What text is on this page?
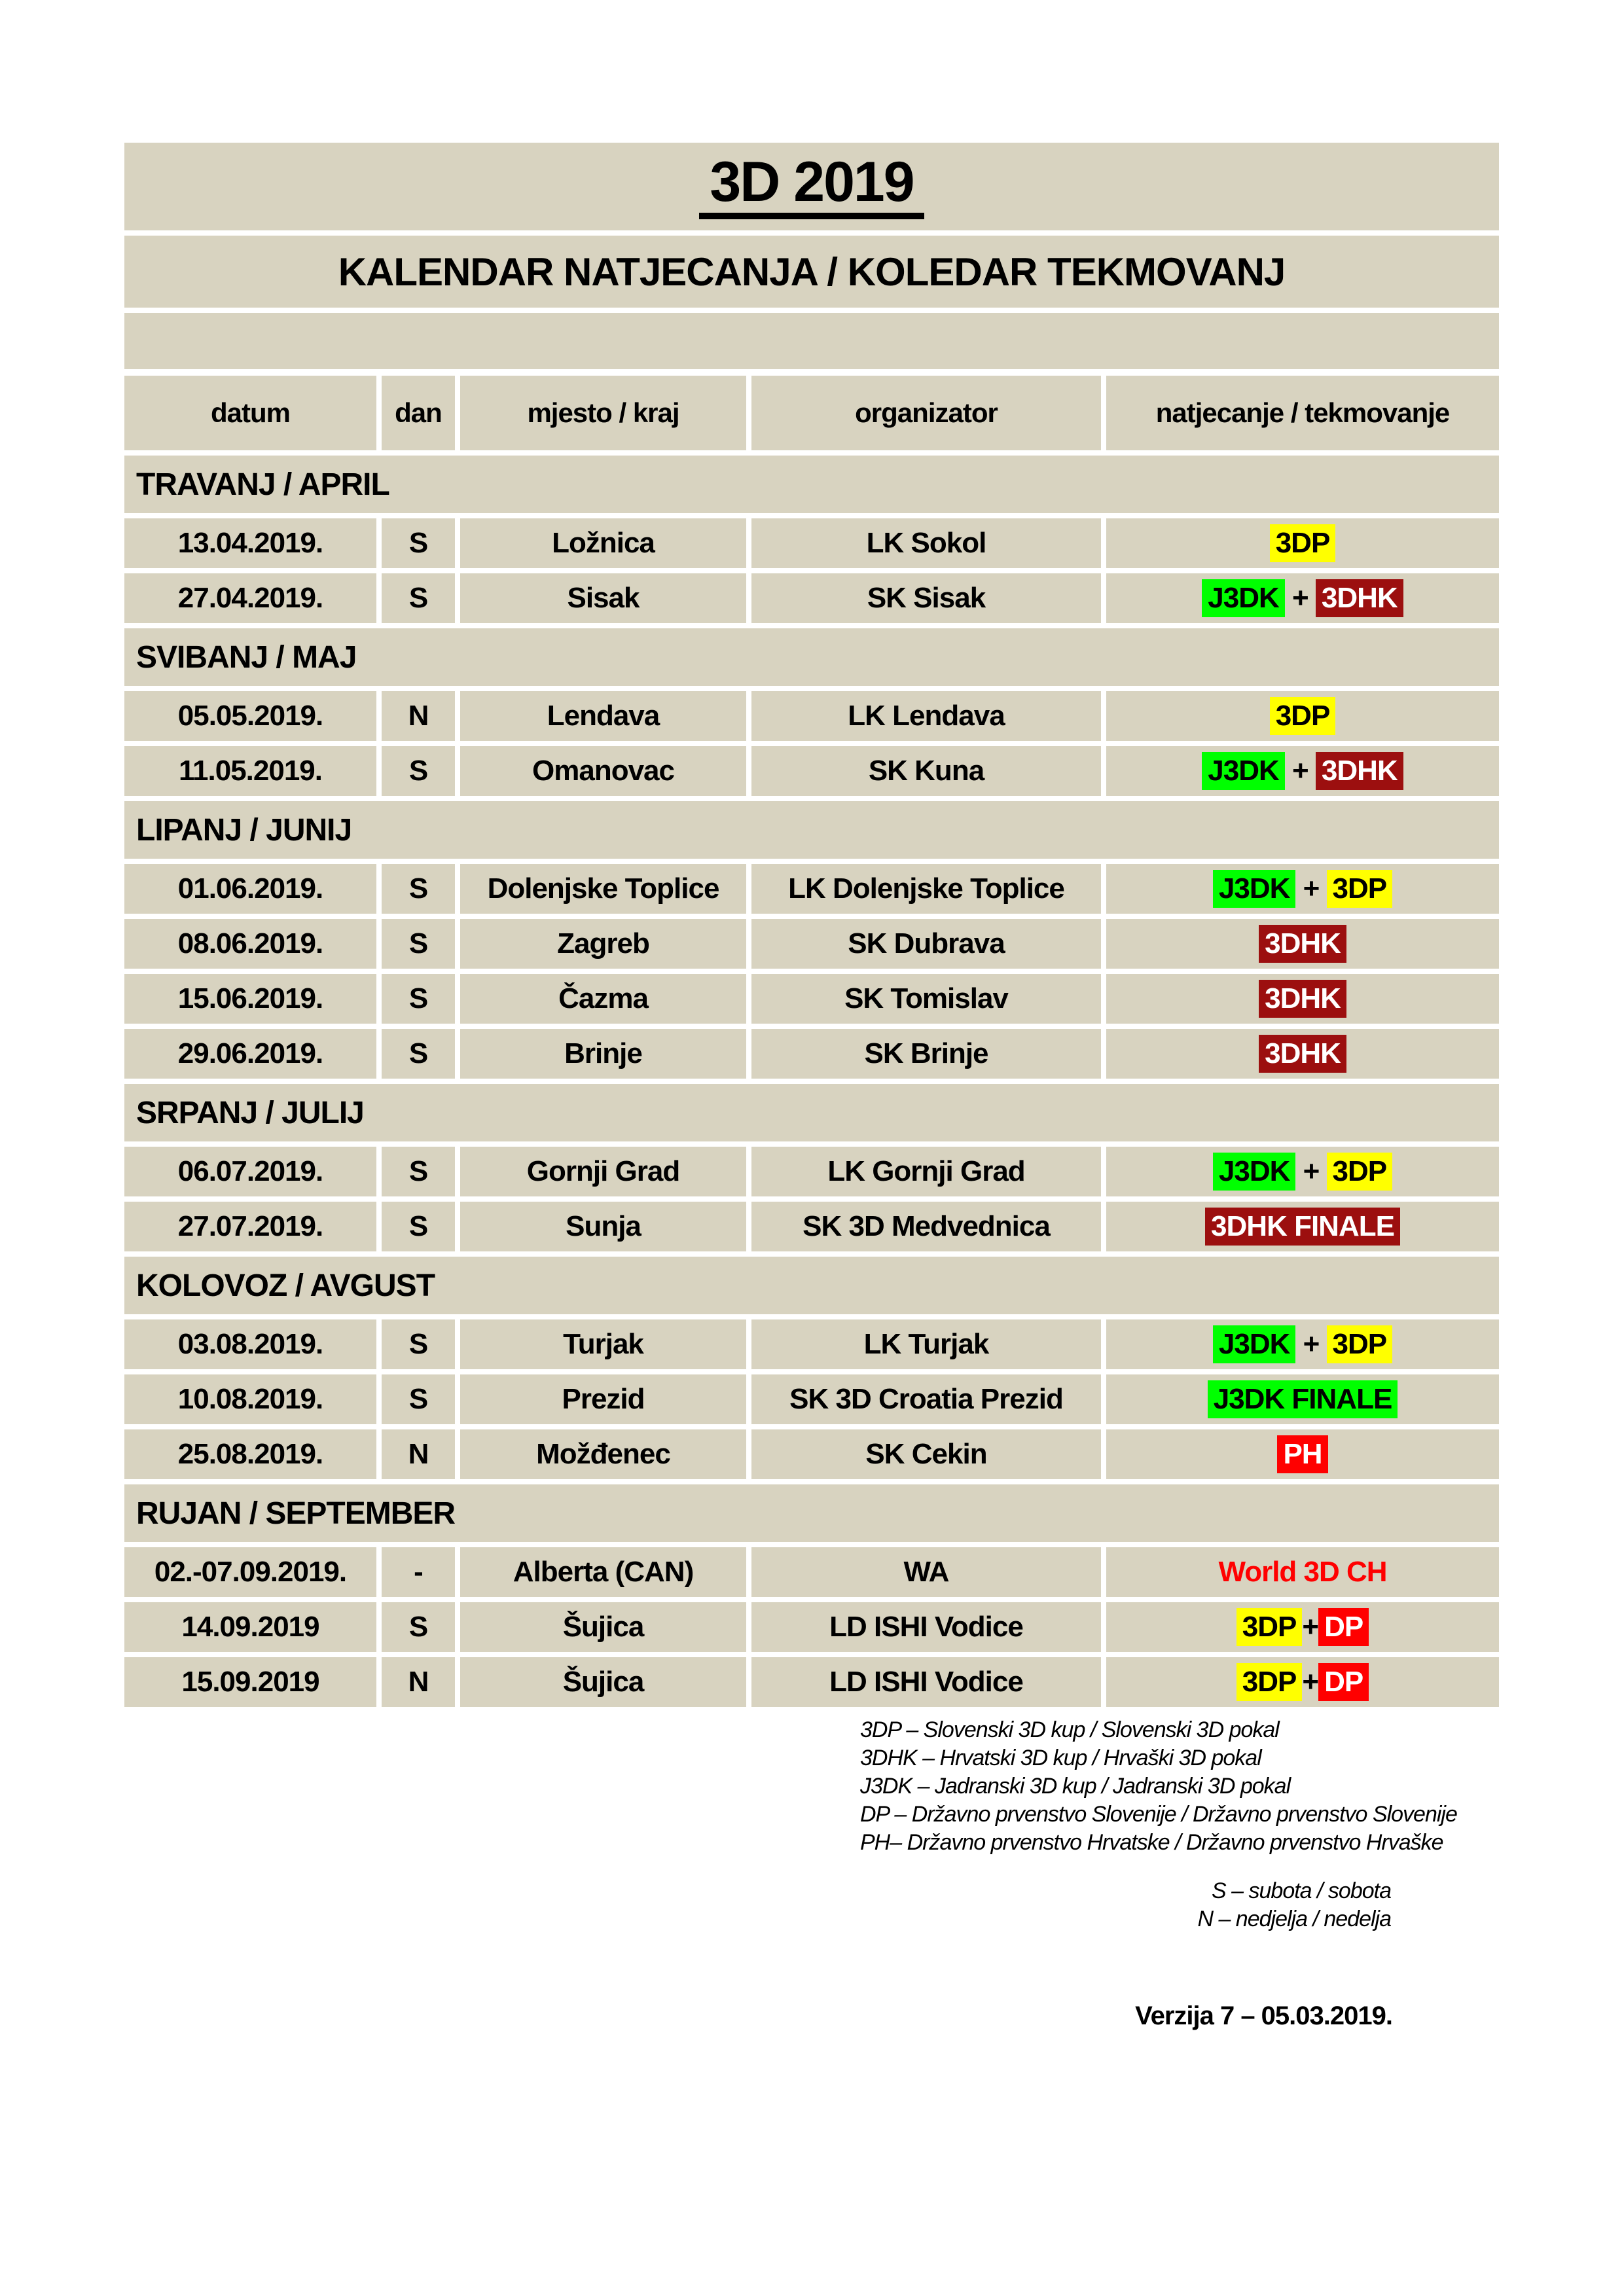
3D 2019
KALENDAR NATJECANJA / KOLEDAR TEKMOVANJ
datum	dan	mjesto / kraj	organizator	natjecanje / tekmovanje
TRAVANJ / APRIL
13.04.2019.	S	Ložnica	LK Sokol	3DP
27.04.2019.	S	Sisak	SK Sisak	J3DK + 3DHK
SVIBANJ / MAJ
05.05.2019.	N	Lendava	LK Lendava	3DP
11.05.2019.	S	Omanovac	SK Kuna	J3DK + 3DHK
LIPANJ / JUNIJ
01.06.2019.	S	Dolenjske Toplice	LK Dolenjske Toplice	J3DK + 3DP
08.06.2019.	S	Zagreb	SK Dubrava	3DHK
15.06.2019.	S	Čazma	SK Tomislav	3DHK
29.06.2019.	S	Brinje	SK Brinje	3DHK
SRPANJ / JULIJ
06.07.2019.	S	Gornji Grad	LK Gornji Grad	J3DK + 3DP
27.07.2019.	S	Sunja	SK 3D Medvednica	3DHK FINALE
KOLOVOZ / AVGUST
03.08.2019.	S	Turjak	LK Turjak	J3DK + 3DP
10.08.2019.	S	Prezid	SK 3D Croatia Prezid	J3DK FINALE
25.08.2019.	N	Možđenec	SK Cekin	PH
RUJAN / SEPTEMBER
02.-07.09.2019.	-	Alberta (CAN)	WA	World 3D CH
14.09.2019	S	Šujica	LD ISHI Vodice	3DP + DP
15.09.2019	N	Šujica	LD ISHI Vodice	3DP + DP
3DP – Slovenski 3D kup / Slovenski 3D pokal
3DHK – Hrvatski 3D kup / Hrvaški 3D pokal
J3DK – Jadranski 3D kup / Jadranski 3D pokal
DP – Državno prvenstvo Slovenije / Državno prvenstvo Slovenije
PH– Državno prvenstvo Hrvatske / Državno prvenstvo Hrvaške
S – subota / sobota
N – nedjelja / nedelja
Verzija 7 – 05.03.2019.
